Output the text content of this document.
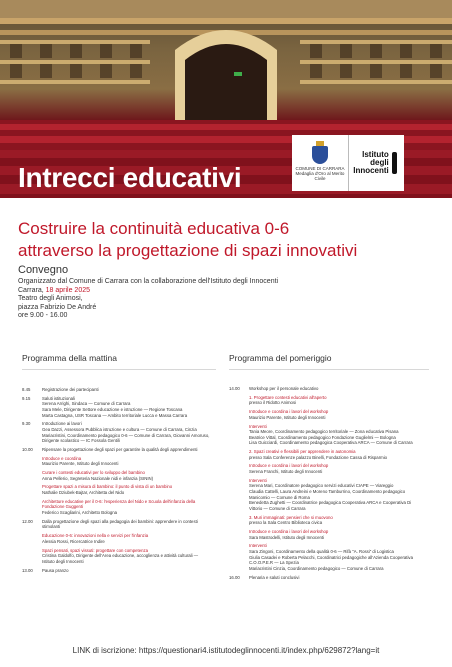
Intrecci educativi	COMUNE DI CARRARA
Medaglia d'Oro al Merito Civile
Istituto
degli
Innocenti
Costruire la continuità educativa 0-6
attraverso la progettazione di spazi innovativi
Convegno
Organizzato dal Comune di Carrara con la collaborazione dell'Istituto degli Innocenti
Carrara, 18 aprile 2025
Teatro degli Animosi,
piazza Fabrizio De André
ore 9.00 - 16.00
Programma della mattina	Programma del pomeriggio
8.45	Registrazione dei partecipanti
9.15	Saluti istituzionali
Serena Arrighi, Sindaca — Comune di Carrara
Sara Mele, Dirigente Settore educazione e istruzione — Regione Toscana
Marta Castagna, USR Toscana — Ambito territoriale Lucca e Massa Carrara
9.30	Introduzione ai lavori
Gea Dazzi, Assessora Pubblica istruzione e cultura — Comune di Carrara, Cinzia
Mariacristini, Coordinamento pedagogico 0-6 — Comune di Carrara, Giovanni Amoruso,
Dirigente scolastico — IC Fossola Gentili
10.00	Ripensare la progettazione degli spazi per garantire la qualità degli apprendimenti
Introduce e coordina
Maurizio Parente, Istituto degli Innocenti
Curare i contesti educativi per lo sviluppo del bambino
Anna Pellerio, Segreteria Nazionale nidi e infanzia (SININ)
Progettare spazi a misura di bambino: il punto di vista di un bambino
Nathalie Dziubek-Bajtar, Architetta del Nido
Architetture educative per il 0-6: l'esperienza del Nido e Scuola dell'infanzia della
Fondazione Guggenti
Federico Scagliarini, Architetto Bologna
12.00	Dalla progettazione degli spazi alla pedagogia dei bambini: apprendere in contesti
stimolanti
Educazione 0-6: innovazioni nella e servizi per l'infanzia
Alessia Rossi, Ricercatrice Indire
Spazi pensati, spazi vissuti: progettare con competenza
Cristina Galdolfo, Dirigente dell'Area educazione, accoglienza e attività culturali —
Istituto degli Innocenti
13.00	Pausa pranzo
14.00	Workshop per il personale educativo
1. Progettare contesti educativi all'aperto
presso il Ridotto Animosi
Introduce e coordina i lavori del workshop
Maurizio Parente, Istituto degli Innocenti
Interventi
Tania Meore, Coordinamento pedagogico territoriale — Zona educativa Pisana
Beatrice Vittal, Coordinamento pedagogico Fondazione Guglielmi — Bologna
Lisa Guicciardi, Coordinamento pedagogica Cooperativa ARCA — Comune di Carrara
2. Spazi creativi e flessibili per apprendere in autonomia
presso Sala Conferenze palazzo Binelli, Fondazione Cassa di Risparmio
Introduce e coordina i lavori del workshop
Serena Franchi, Istituto degli Innocenti
Interventi
Serena Mari, Coordinatore pedagogico servizi educativi CIAPE — Viareggio
Claudia Cattelli, Laura Andreini e Moreno Tamburrino, Coordinamento pedagogico
Manicomio — Comune di Roma
Benedetta Zughetti — Coordinatrice pedagogica Cooperativa ARCA e Cooperativa Di
Vittorio — Comune di Carrara
3. Muri immaginati: pensieri che si muovono
presso la Sala Centro Biblioteca civica
Introduce e coordina i lavori del workshop
Sara Mastrodelli, Istituto degli Innocenti
Interventi
Sara Zingoni, Coordinamento della qualità 0-6 — Rifà "A. Rossi" di Logistica
Giulia Casadei e Roberta Pelacchi, Coordinatrici pedagogiche all'Azienda Cooperativa
C.O.O.P.E.R — La Spezia
Mariacristini Cinzia, Coordinamento pedagogico — Comune di Carrara
16.00	Plenaria e saluti conclusivi
LINK di iscrizione: https://questionari4.istitutodeglinnocenti.it/index.php/629872?lang=it
